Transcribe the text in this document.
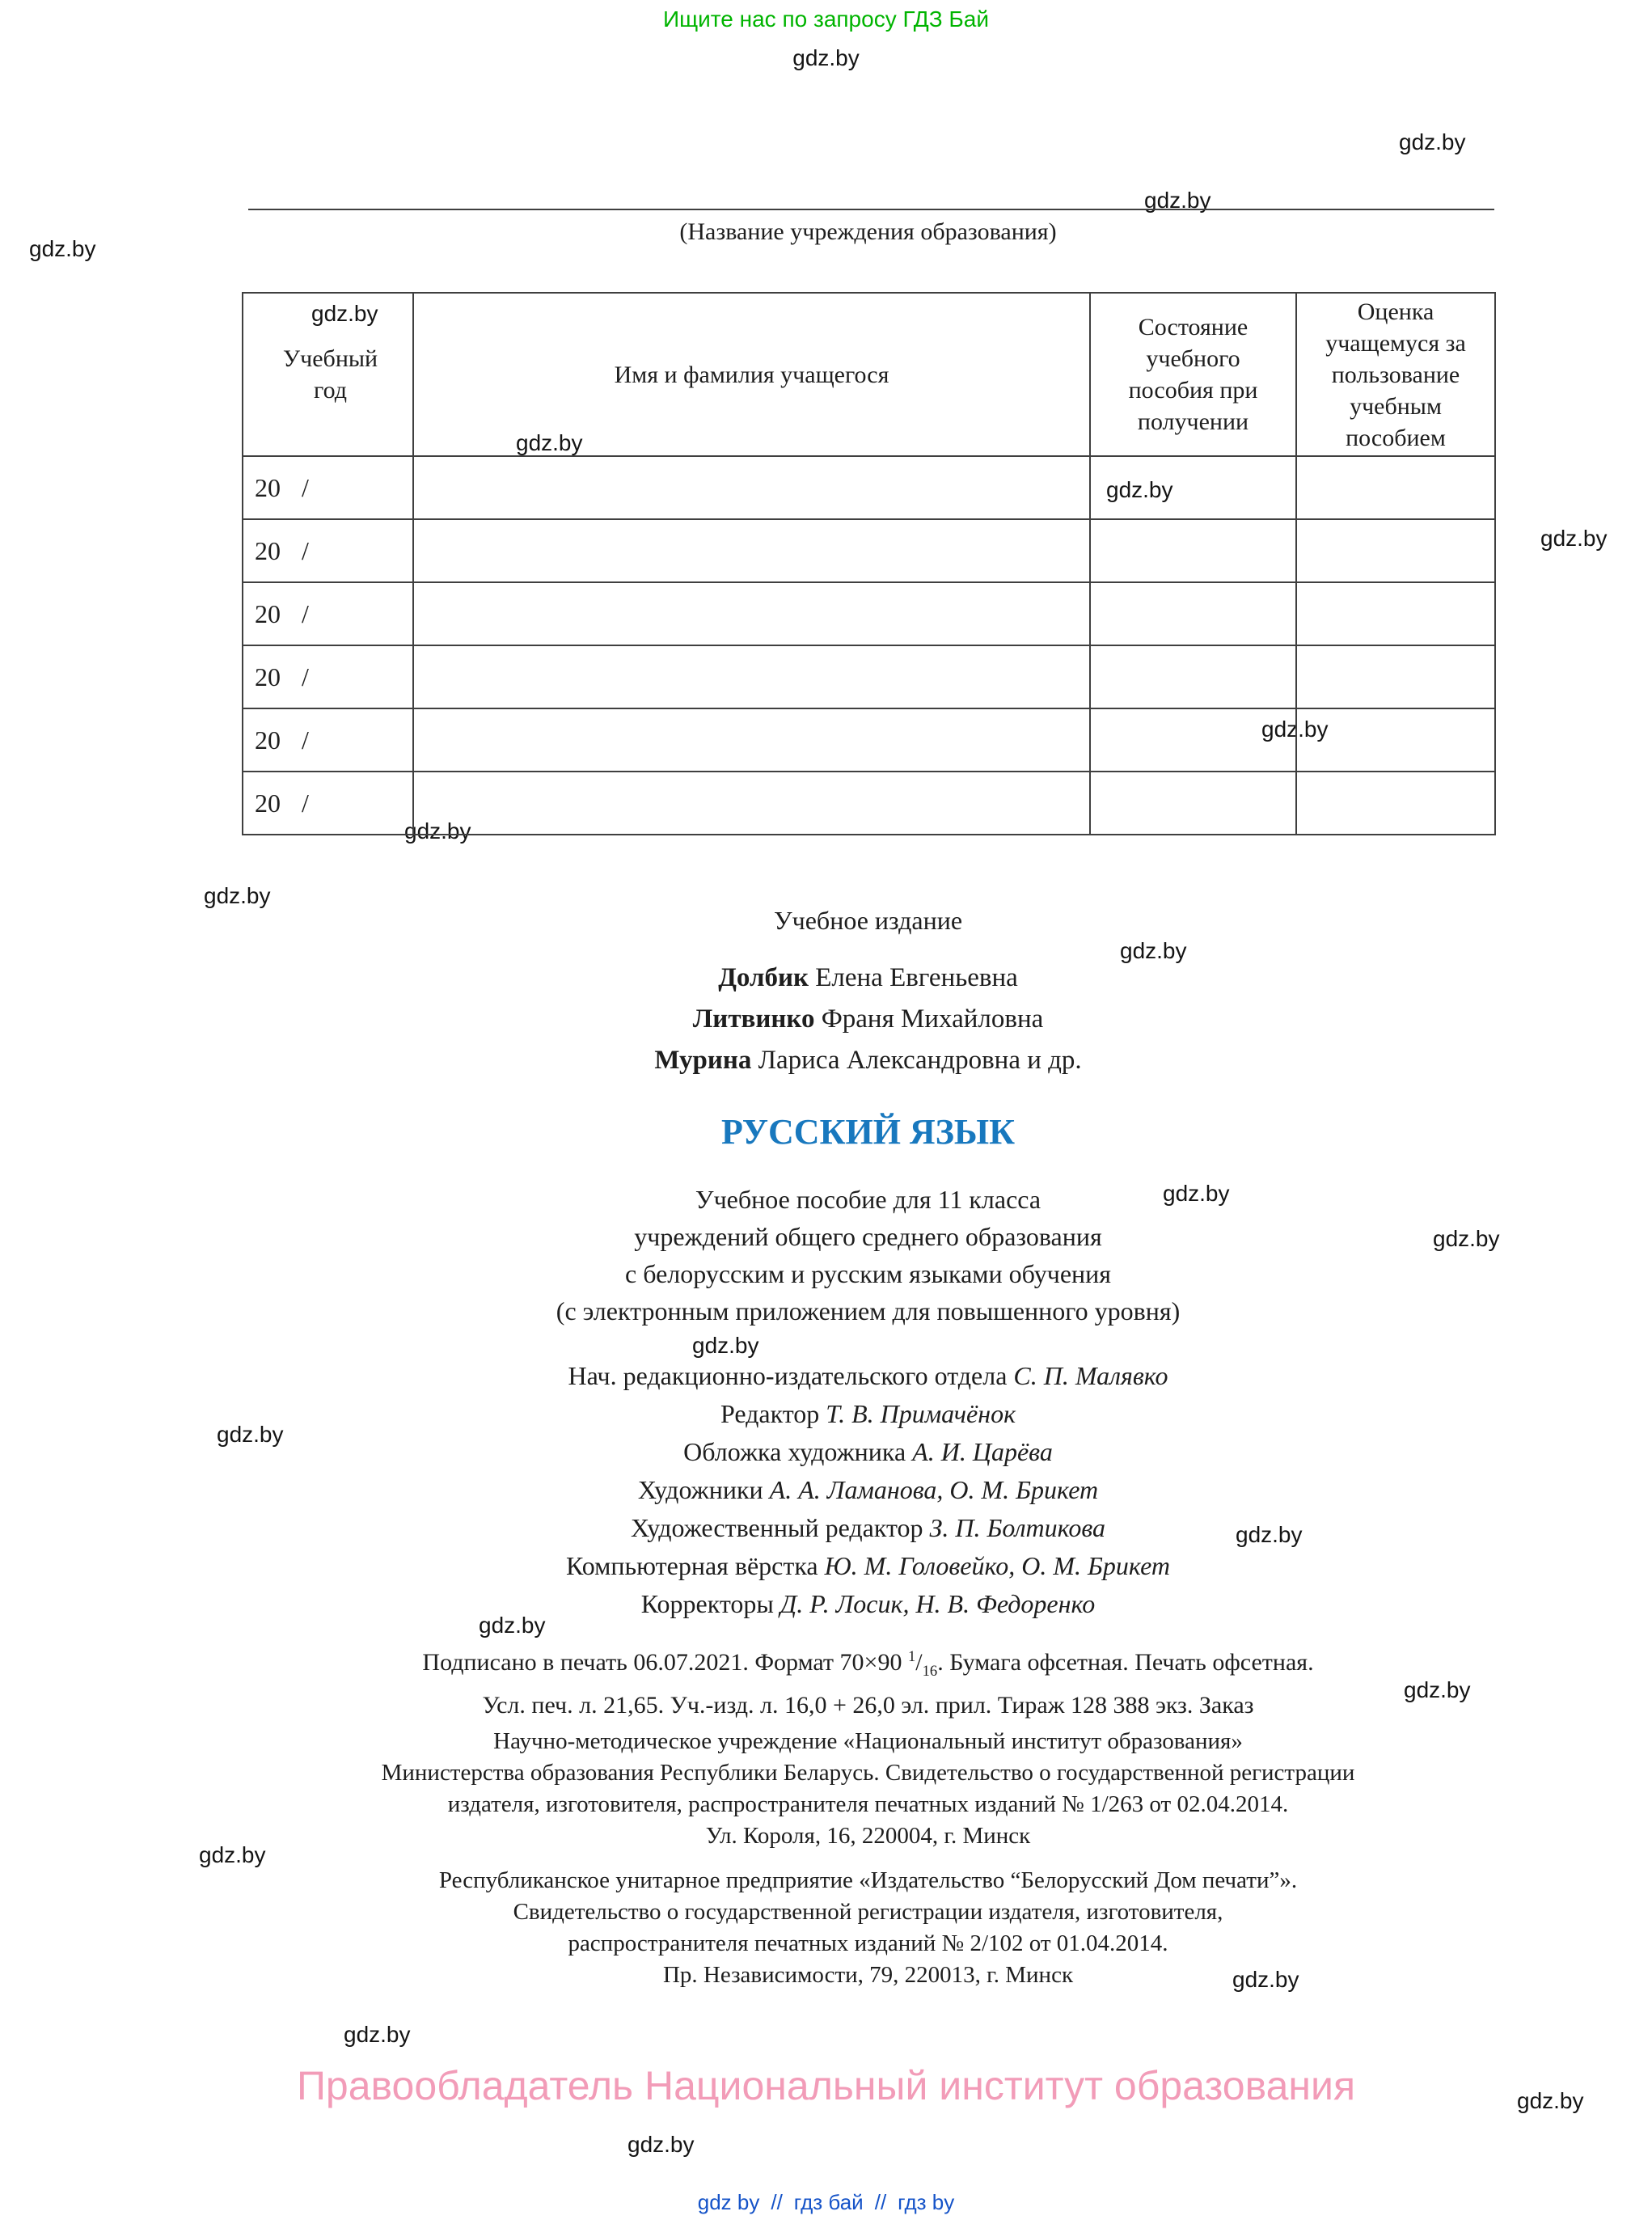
Ищите нас по запросу ГДЗ Бай
gdz.by
gdz.by
gdz.by
gdz.by
gdz.by
gdz.by
gdz.by
gdz.by
gdz.by
gdz.by
gdz.by
gdz.by
gdz.by
gdz.by
gdz.by
gdz.by
gdz.by
gdz.by
gdz.by
gdz.by
gdz.by
gdz.by
gdz.by
gdz.by
(Название учреждения образования)
Учебный год	Имя и фамилия учащегося	Состояние учебного пособия при получении	Оценка учащемуся за пользование учебным пособием
20 /			
20 /			
20 /			
20 /			
20 /			
20 /			
Учебное издание
Долбик Елена Евгеньевна
Литвинко Франя Михайловна
Мурина Лариса Александровна и др.
РУССКИЙ ЯЗЫК
Учебное пособие для 11 класса
учреждений общего среднего образования
с белорусским и русским языками обучения
(с электронным приложением для повышенного уровня)
Нач. редакционно-издательского отдела С. П. Малявко
Редактор Т. В. Примачёнок
Обложка художника А. И. Царёва
Художники А. А. Ламанова, О. М. Брикет
Художественный редактор З. П. Болтикова
Компьютерная вёрстка Ю. М. Головейко, О. М. Брикет
Корректоры Д. Р. Лосик, Н. В. Федоренко
Подписано в печать 06.07.2021. Формат 70×90 $^1/_{16}$. Бумага офсетная. Печать офсетная.
Усл. печ. л. 21,65. Уч.-изд. л. 16,0 + 26,0 эл. прил. Тираж 128 388 экз. Заказ
Научно-методическое учреждение «Национальный институт образования»
Министерства образования Республики Беларусь. Свидетельство о государственной регистрации
издателя, изготовителя, распространителя печатных изданий № 1/263 от 02.04.2014.
Ул. Короля, 16, 220004, г. Минск
Республиканское унитарное предприятие «Издательство “Белорусский Дом печати”».
Свидетельство о государственной регистрации издателя, изготовителя,
распространителя печатных изданий № 2/102 от 01.04.2014.
Пр. Независимости, 79, 220013, г. Минск
Правообладатель Национальный институт образования
gdz by // гдз бай // гдз by
